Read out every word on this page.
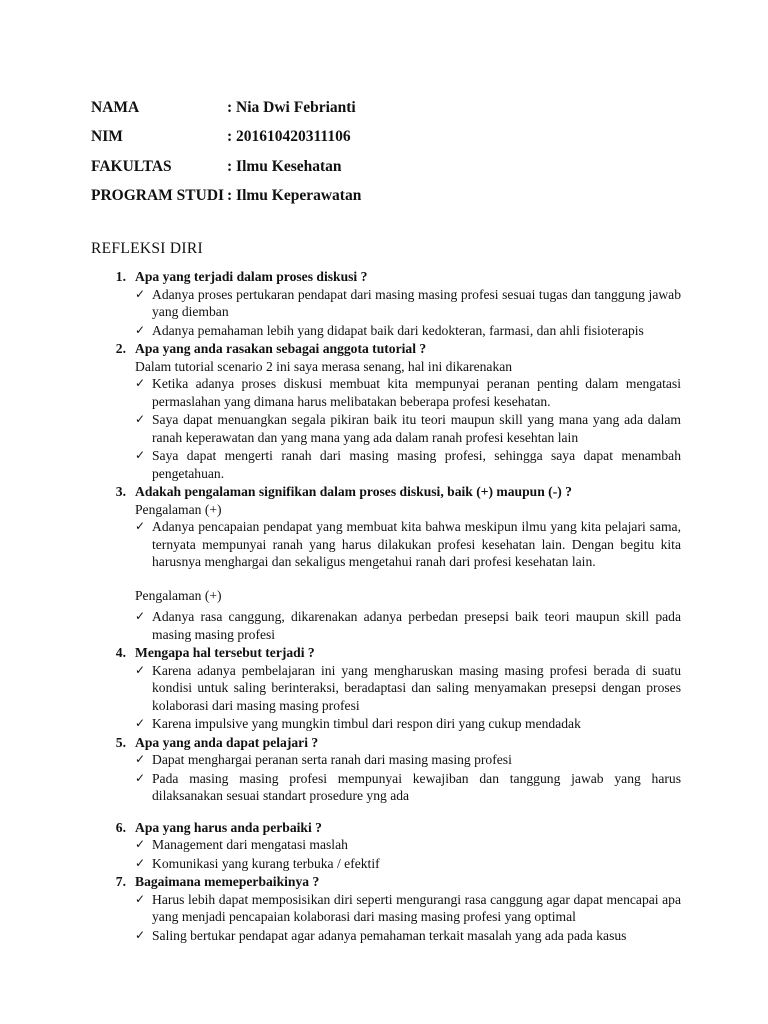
NAMA	: Nia Dwi Febrianti
NIM	: 201610420311106
FAKULTAS	: Ilmu Kesehatan
PROGRAM STUDI : Ilmu Keperawatan
REFLEKSI DIRI
1. Apa yang terjadi dalam proses diskusi ?
✓ Adanya proses pertukaran pendapat dari masing masing profesi sesuai tugas dan tanggung jawab yang diemban
✓ Adanya pemahaman lebih yang didapat baik dari kedokteran, farmasi, dan ahli fisioterapis
2. Apa yang anda rasakan sebagai anggota tutorial ?
Dalam tutorial scenario 2 ini saya merasa senang, hal ini dikarenakan
✓ Ketika adanya proses diskusi membuat kita mempunyai peranan penting dalam mengatasi permaslahan yang dimana harus melibatakan beberapa profesi kesehatan.
✓ Saya dapat menuangkan segala pikiran baik itu teori maupun skill yang mana yang ada dalam ranah keperawatan dan yang mana yang ada dalam ranah profesi kesehtan lain
✓ Saya dapat mengerti ranah dari masing masing profesi, sehingga saya dapat menambah pengetahuan.
3. Adakah pengalaman signifikan dalam proses diskusi, baik (+) maupun (-) ?
Pengalaman (+)
✓ Adanya pencapaian pendapat yang membuat kita bahwa meskipun ilmu yang kita pelajari sama, ternyata mempunyai ranah yang harus dilakukan profesi kesehatan lain. Dengan begitu kita harusnya menghargai dan sekaligus mengetahui ranah dari profesi kesehatan lain.
Pengalaman (+)
✓ Adanya rasa canggung, dikarenakan adanya perbedan presepsi baik teori maupun skill pada masing masing profesi
4. Mengapa hal tersebut terjadi ?
✓ Karena adanya pembelajaran ini yang mengharuskan masing masing profesi berada di suatu kondisi untuk saling berinteraksi, beradaptasi dan saling menyamakan presepsi dengan proses kolaborasi dari masing masing profesi
✓ Karena impulsive yang mungkin timbul dari respon diri yang cukup mendadak
5. Apa yang anda dapat pelajari ?
✓ Dapat menghargai peranan serta ranah dari masing masing profesi
✓ Pada masing masing profesi mempunyai kewajiban dan tanggung jawab yang harus dilaksanakan sesuai standart prosedure yng ada
6. Apa yang harus anda perbaiki ?
✓ Management dari mengatasi maslah
✓ Komunikasi yang kurang terbuka / efektif
7. Bagaimana memeperbaikinya ?
✓ Harus lebih dapat memposisikan diri seperti mengurangi rasa canggung agar dapat mencapai apa yang menjadi pencapaian kolaborasi dari masing masing profesi yang optimal
✓ Saling bertukar pendapat agar adanya pemahaman terkait masalah yang ada pada kasus
